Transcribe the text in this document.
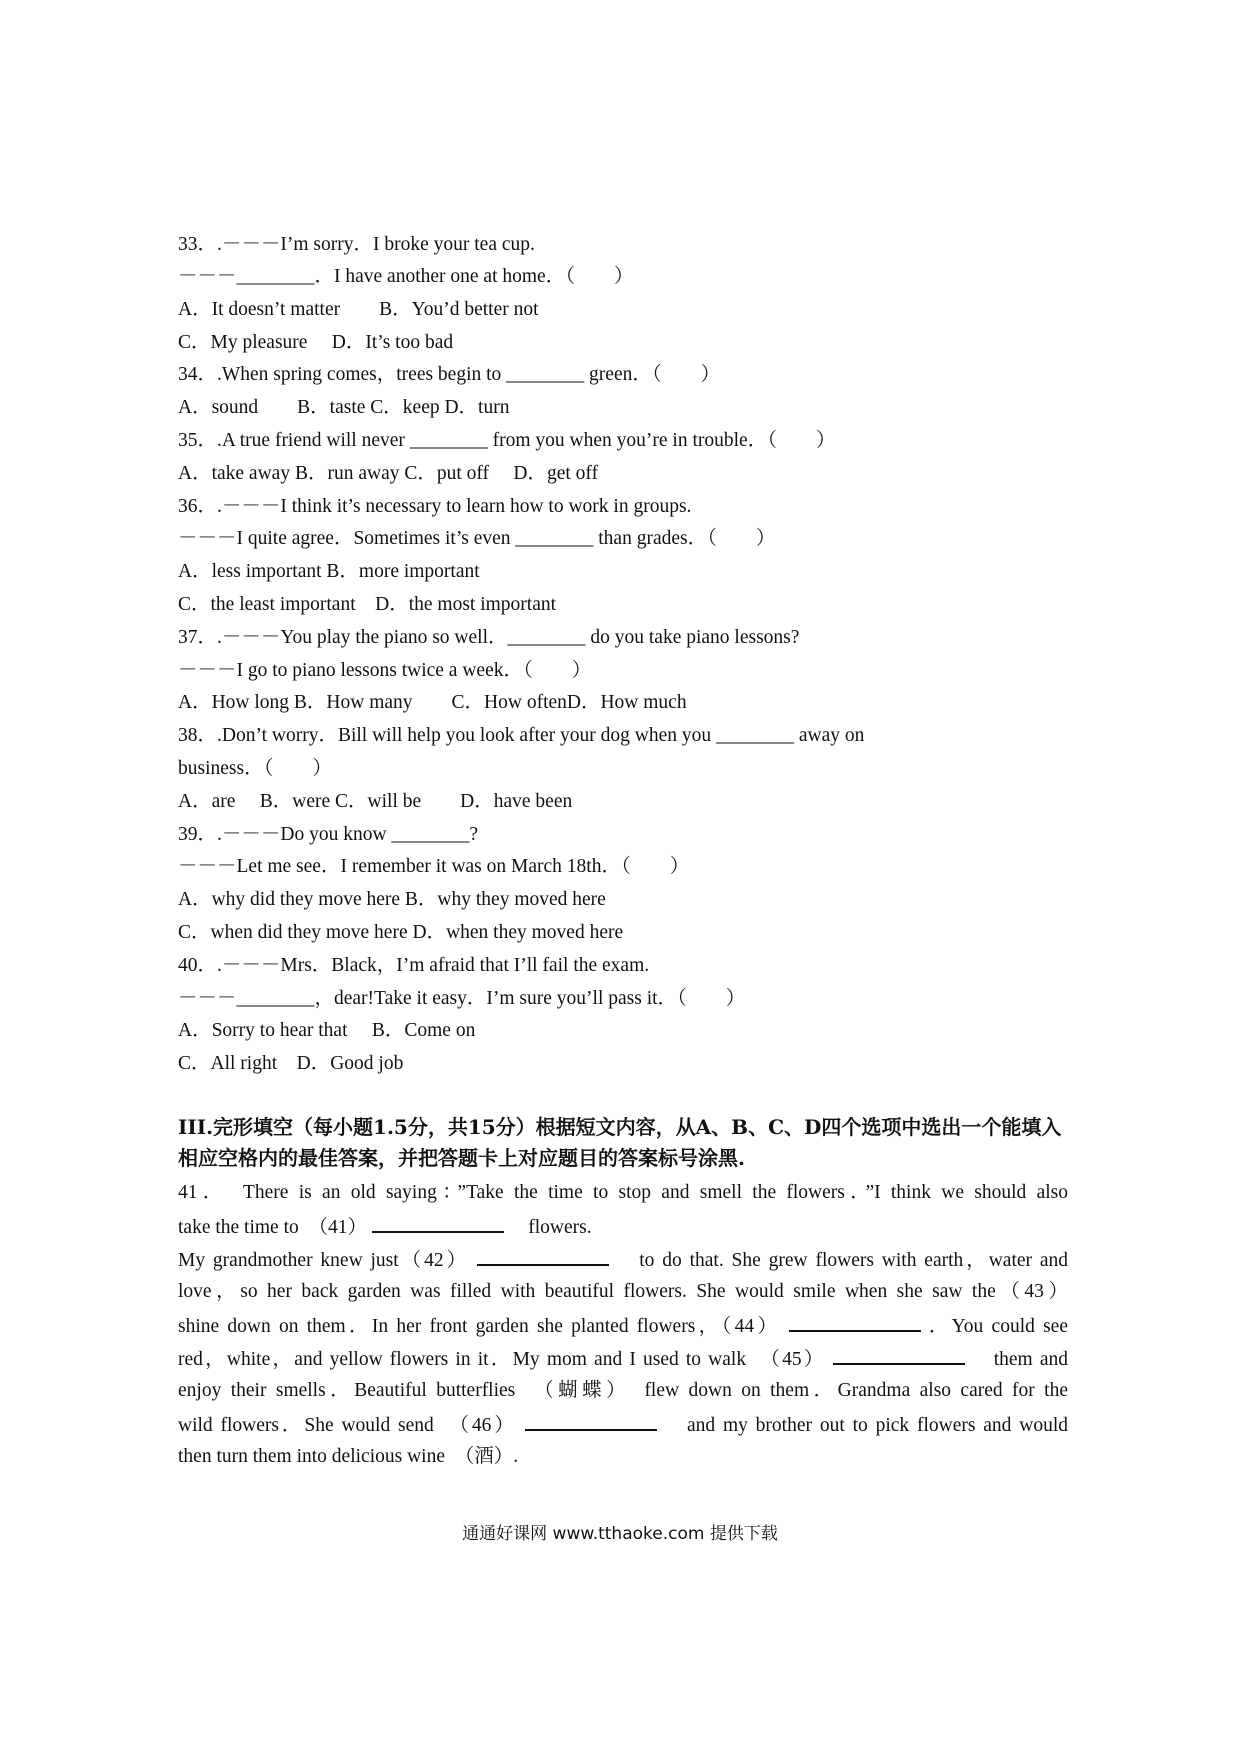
33．.－－－I’m sorry．I broke your tea cup.
－－－________．I have another one at home．（　　）
A．It doesn’t matter　　B．You’d better not
C．My pleasure　 D．It’s too bad
34．.When spring comes，trees begin to ________ green．（　　）
A．sound　　B．taste C．keep D．turn
35．.A true friend will never ________ from you when you’re in trouble．（　　）
A．take away B．run away C．put off　 D．get off
36．.－－－I think it’s necessary to learn how to work in groups.
－－－I quite agree．Sometimes it’s even ________ than grades．（　　）
A．less important B．more important
C．the least important　D．the most important
37．.－－－You play the piano so well．________ do you take piano lessons?
－－－I go to piano lessons twice a week．（　　）
A．How long B．How many　　C．How oftenD．How much
38．.Don’t worry．Bill will help you look after your dog when you ________ away on
business．（　　）
A．are　 B．were C．will be　　D．have been
39．.－－－Do you know ________?
－－－Let me see．I remember it was on March 18th．（　　）
A．why did they move here B．why they moved here
C．when did they move here D．when they moved here
40．.－－－Mrs．Black，I’m afraid that I’ll fail the exam.
－－－________，dear!Take it easy．I’m sure you’ll pass it．（　　）
A．Sorry to hear that　 B．Come on
C．All right　D．Good job
III.完形填空（每小题1.5分，共15分）根据短文内容，从A、B、C、D四个选项中选出一个能填入相应空格内的最佳答案，并把答题卡上对应题目的答案标号涂黑.
41．　There is an old saying：”Take the time to stop and smell the flowers．”I think we should also
take the time to　（41）	　flowers.
My grandmother knew just（42）	　to do that. She grew flowers with earth，water and
love，so her back garden was filled with beautiful flowers. She would smile when she saw the（43）
shine down on them．In her front garden she planted flowers，（44）	．You could see
red，white，and yellow flowers in it．My mom and I used to walk　（45）	　them and
enjoy their smells．Beautiful butterflies　（蝴蝶）　flew down on them．Grandma also cared for the
wild flowers．She would send　（46）	　and my brother out to pick flowers and would
then turn them into delicious wine　（酒）.
通通好课网 www.tthaoke.com 提供下载
